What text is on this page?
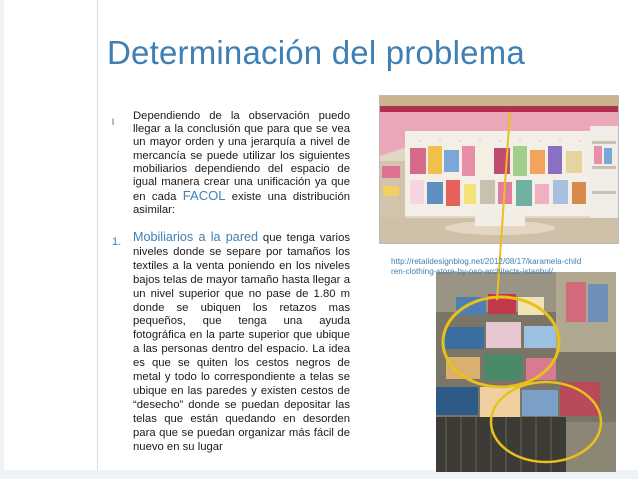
Determinación del problema
l Dependiendo de la observación puedo llegar a la conclusión que para que se vea un mayor orden y una jerarquía a nivel de mercancía se puede utilizar los siguientes mobiliarios dependiendo del espacio de igual manera crear una unificación ya que en cada FACOL existe una distribución asimilar:
1. Mobiliarios a la pared que tenga varios niveles donde se separe por tamaños los textiles a la venta poniendo en los niveles bajos telas de mayor tamaño hasta llegar a un nivel superior que no pase de 1.80 m donde se ubiquen los retazos mas pequeños, que tenga una ayuda fotográfica en la parte superior que ubique a las personas dentro del espacio. La idea es que se quiten los cestos negros de metal y todo lo correspondiente a telas se ubique en las paredes y existen cestos de “desecho” donde se puedan depositar las telas que están quedando en desorden para que se puedan organizar más fácil de nuevo en su lugar
http://retaildesignblog.net/2012/08/17/karamela-children-clothing-store-by-oso-architects-istanbul/
